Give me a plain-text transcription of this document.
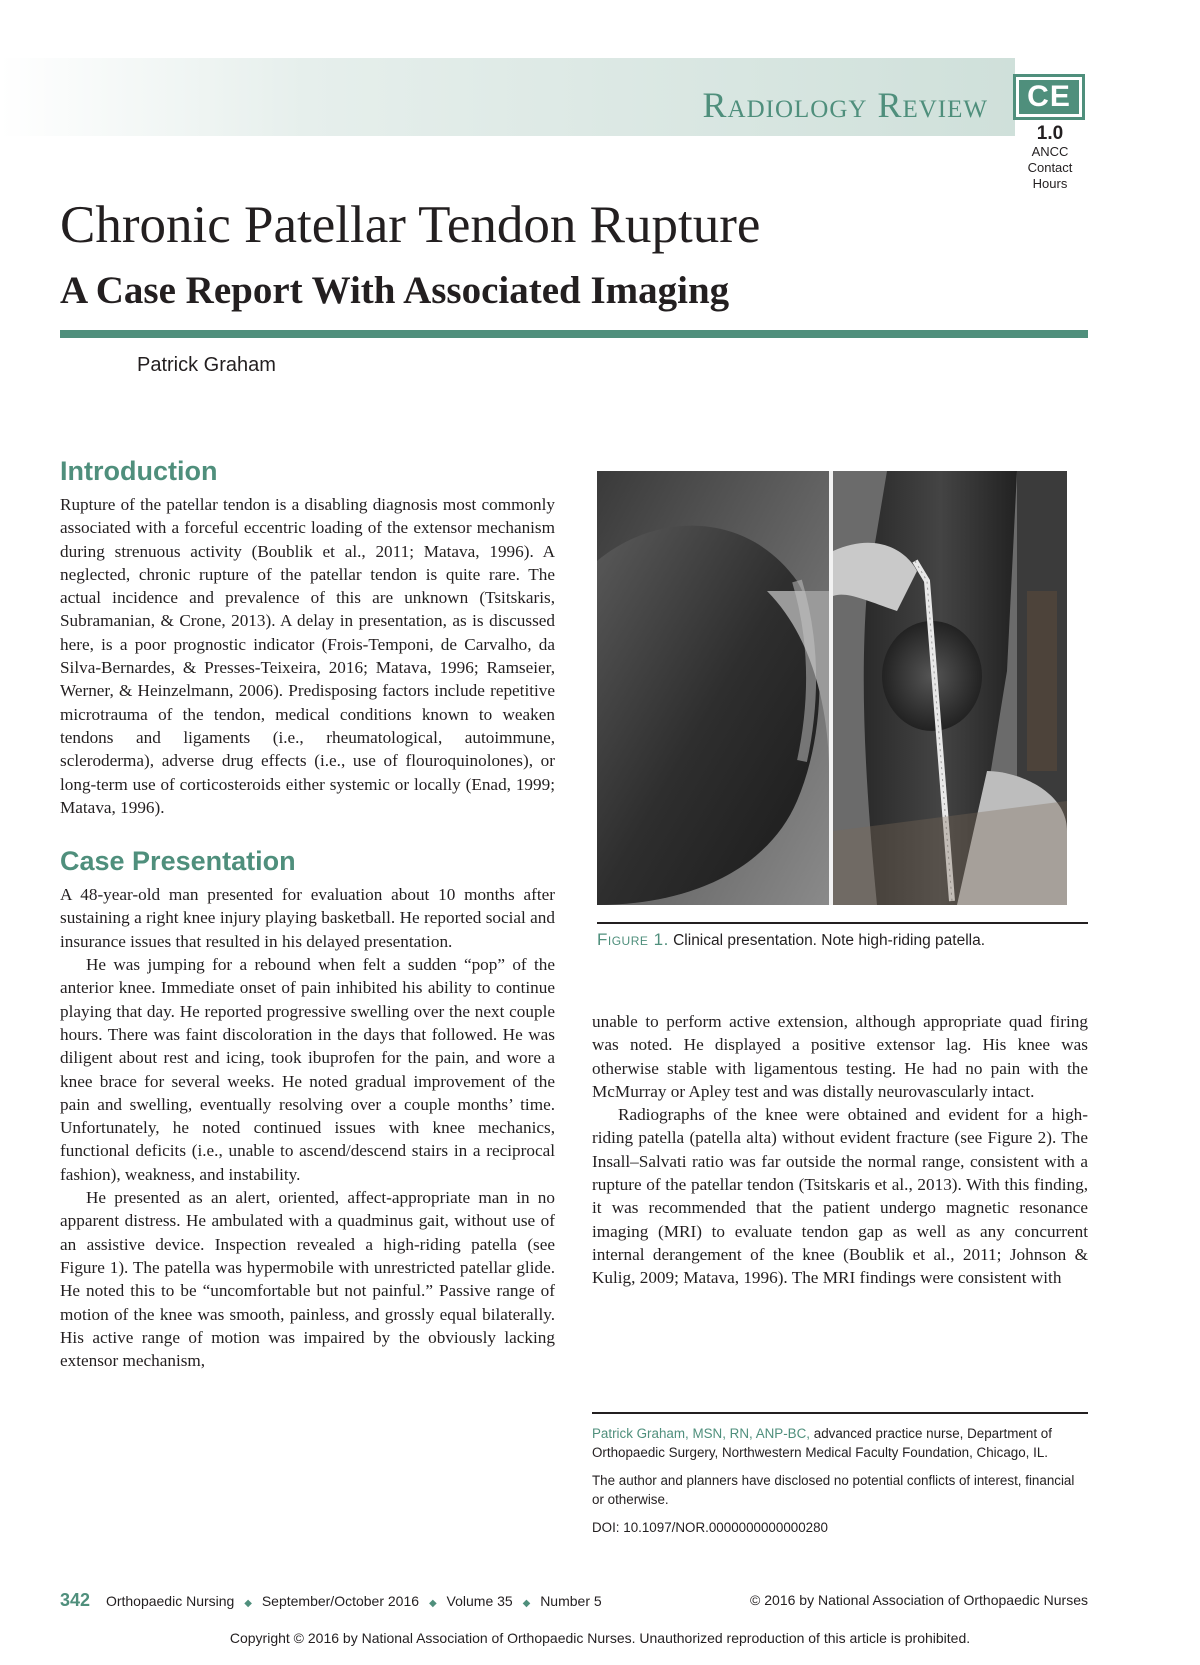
Radiology Review CE
1.0
ANCC
Contact
Hours
Chronic Patellar Tendon Rupture
A Case Report With Associated Imaging
Patrick Graham
Introduction

Rupture of the patellar tendon is a disabling diagnosis most commonly associated with a forceful eccentric loading of the extensor mechanism during strenuous activity (Boublik et al., 2011; Matava, 1996). A neglected, chronic rupture of the patellar tendon is quite rare. The actual incidence and prevalence of this are unknown (Tsitskaris, Subramanian, & Crone, 2013). A delay in presentation, as is discussed here, is a poor prognostic indicator (Frois-Temponi, de Carvalho, da Silva-Bernardes, & Presses-Teixeira, 2016; Matava, 1996; Ramseier, Werner, & Heinzelmann, 2006). Predisposing factors include repetitive microtrauma of the tendon, medical conditions known to weaken tendons and ligaments (i.e., rheumatological, autoimmune, scleroderma), adverse drug effects (i.e., use of flouroquinolones), or long-term use of corticosteroids either systemic or locally (Enad, 1999; Matava, 1996).

Case Presentation

A 48-year-old man presented for evaluation about 10 months after sustaining a right knee injury playing basketball. He reported social and insurance issues that resulted in his delayed presentation.

He was jumping for a rebound when felt a sudden “pop” of the anterior knee. Immediate onset of pain inhibited his ability to continue playing that day. He reported progressive swelling over the next couple hours. There was faint discoloration in the days that followed. He was diligent about rest and icing, took ibuprofen for the pain, and wore a knee brace for several weeks. He noted gradual improvement of the pain and swelling, eventually resolving over a couple months’ time. Unfortunately, he noted continued issues with knee mechanics, functional deficits (i.e., unable to ascend/descend stairs in a reciprocal fashion), weakness, and instability.

He presented as an alert, oriented, affect-appropriate man in no apparent distress. He ambulated with a quadminus gait, without use of an assistive device. Inspection revealed a high-riding patella (see Figure 1). The patella was hypermobile with unrestricted patellar glide. He noted this to be “uncomfortable but not painful.” Passive range of motion of the knee was smooth, painless, and grossly equal bilaterally. His active range of motion was impaired by the obviously lacking extensor mechanism,

Figure 1. Clinical presentation. Note high-riding patella.

unable to perform active extension, although appropriate quad firing was noted. He displayed a positive extensor lag. His knee was otherwise stable with ligamentous testing. He had no pain with the McMurray or Apley test and was distally neurovascularly intact.

Radiographs of the knee were obtained and evident for a high-riding patella (patella alta) without evident fracture (see Figure 2). The Insall–Salvati ratio was far outside the normal range, consistent with a rupture of the patellar tendon (Tsitskaris et al., 2013). With this finding, it was recommended that the patient undergo magnetic resonance imaging (MRI) to evaluate tendon gap as well as any concurrent internal derangement of the knee (Boublik et al., 2011; Johnson & Kulig, 2009; Matava, 1996). The MRI findings were consistent with

Patrick Graham, MSN, RN, ANP-BC, advanced practice nurse, Department of Orthopaedic Surgery, Northwestern Medical Faculty Foundation, Chicago, IL.

The author and planners have disclosed no potential conflicts of interest, financial or otherwise.

DOI: 10.1097/NOR.0000000000000280

342 Orthopaedic Nursing ◆ September/October 2016 ◆ Volume 35 ◆ Number 5	© 2016 by National Association of Orthopaedic Nurses
Copyright © 2016 by National Association of Orthopaedic Nurses. Unauthorized reproduction of this article is prohibited.
